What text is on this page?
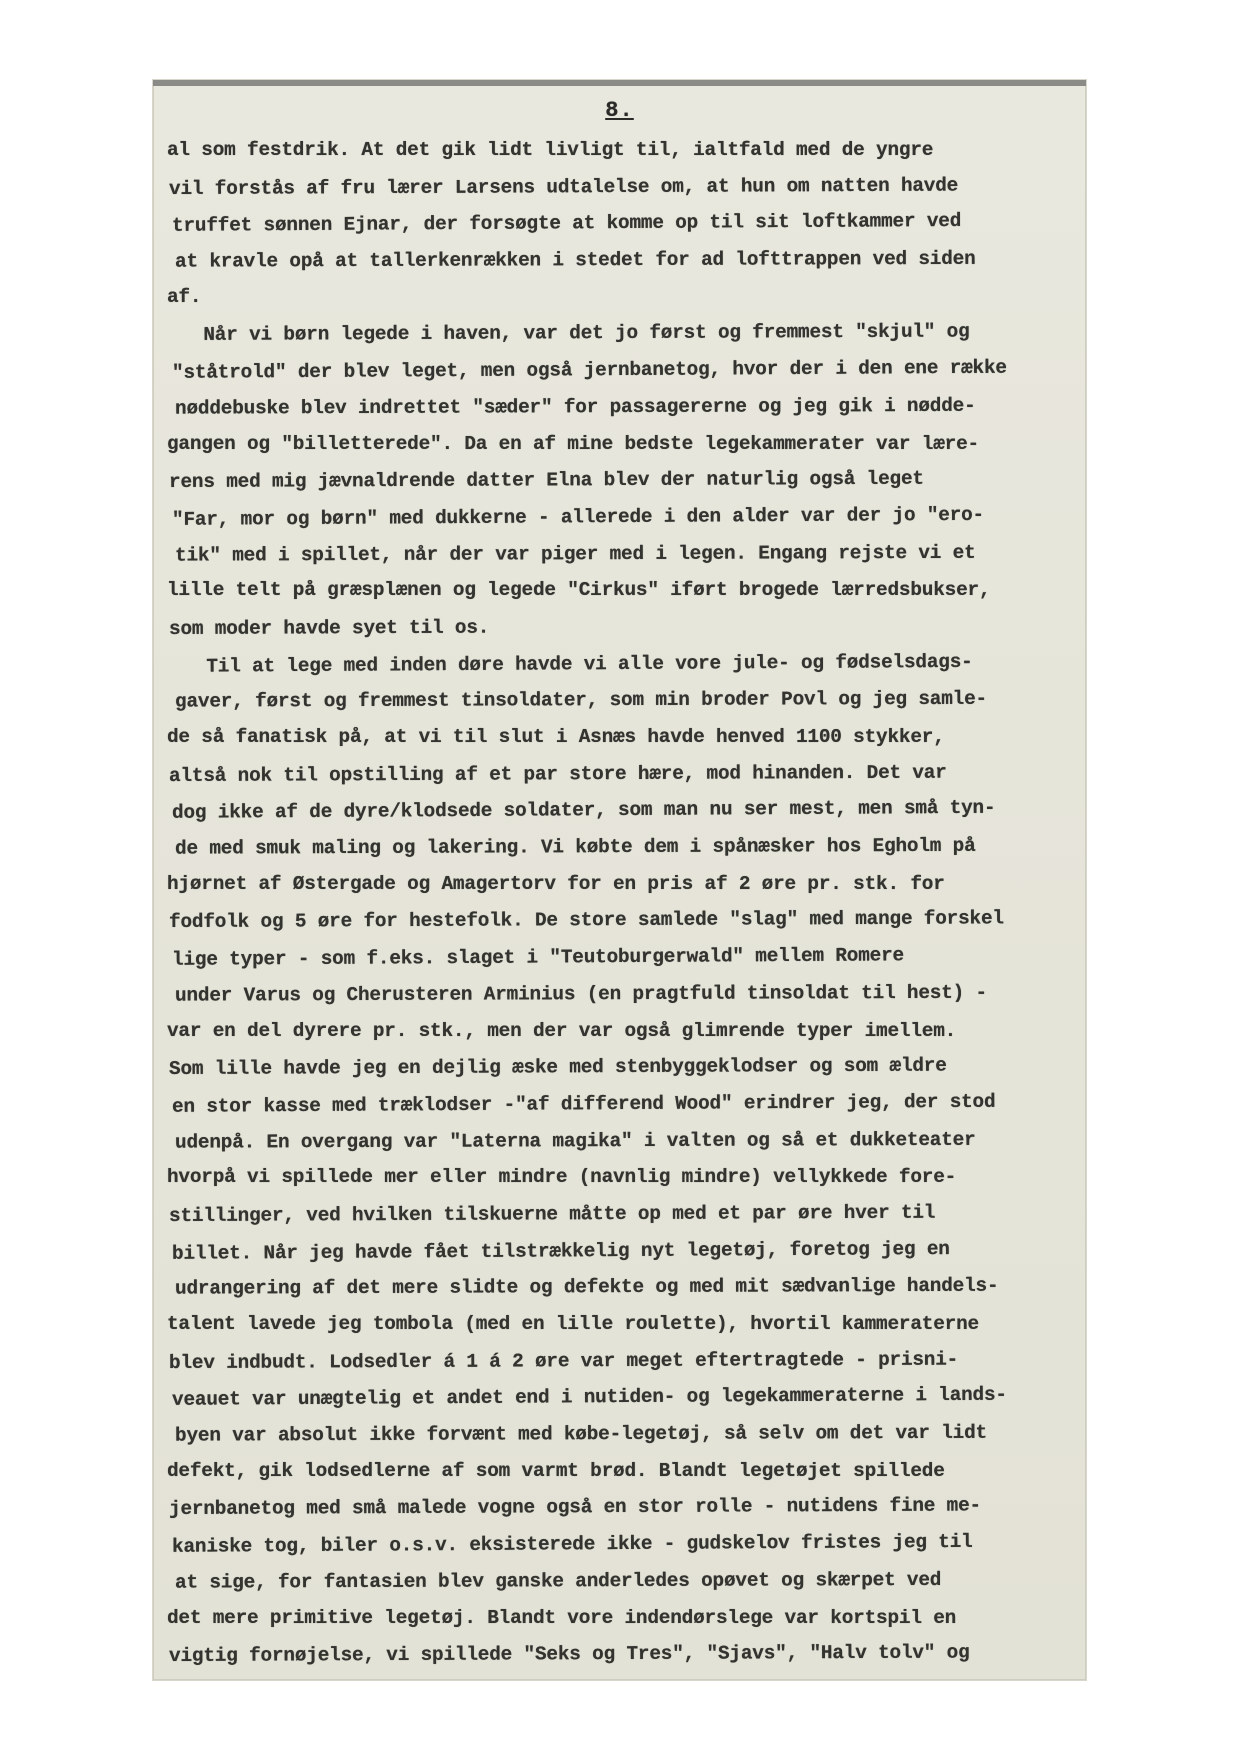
8.
al som festdrik. At det gik lidt livligt til, ialtfald med de yngre
vil forstås af fru lærer Larsens udtalelse om, at hun om natten havde
truffet sønnen Ejnar, der forsøgte at komme op til sit loftkammer ved
at kravle opå at tallerkenrækken i stedet for ad lofttrappen ved siden
af.
Når vi børn legede i haven, var det jo først og fremmest "skjul" og
"ståtrold" der blev leget, men også jernbanetog, hvor der i den ene række
nøddebuske blev indrettet "sæder" for passagererne og jeg gik i nødde-
gangen og "billetterede". Da en af mine bedste legekammerater var lære-
rens med mig jævnaldrende datter Elna blev der naturlig også leget
"Far, mor og børn" med dukkerne - allerede i den alder var der jo "ero-
tik" med i spillet, når der var piger med i legen. Engang rejste vi et
lille telt på græsplænen og legede "Cirkus" iført brogede lærredsbukser,
som moder havde syet til os.
Til at lege med inden døre havde vi alle vore jule- og fødselsdags-
gaver, først og fremmest tinsoldater, som min broder Povl og jeg samle-
de så fanatisk på, at vi til slut i Asnæs havde henved 1100 stykker,
altså nok til opstilling af et par store hære, mod hinanden. Det var
dog ikke af de dyre/klodsede soldater, som man nu ser mest, men små tyn-
de med smuk maling og lakering. Vi købte dem i spånæsker hos Egholm på
hjørnet af Østergade og Amagertorv for en pris af 2 øre pr. stk. for
fodfolk og 5 øre for hestefolk. De store samlede "slag" med mange forskel
lige typer - som f.eks. slaget i "Teutoburgerwald" mellem Romere
under Varus og Cherusteren Arminius (en pragtfuld tinsoldat til hest) -
var en del dyrere pr. stk., men der var også glimrende typer imellem.
Som lille havde jeg en dejlig æske med stenbyggeklodser og som ældre
en stor kasse med træklodser -"af differend Wood" erindrer jeg, der stod
udenpå. En overgang var "Laterna magika" i valten og så et dukketeater
hvorpå vi spillede mer eller mindre (navnlig mindre) vellykkede fore-
stillinger, ved hvilken tilskuerne måtte op med et par øre hver til
billet. Når jeg havde fået tilstrækkelig nyt legetøj, foretog jeg en
udrangering af det mere slidte og defekte og med mit sædvanlige handels-
talent lavede jeg tombola (med en lille roulette), hvortil kammeraterne
blev indbudt. Lodsedler á 1 á 2 øre var meget eftertragtede - prisni-
veauet var unægtelig et andet end i nutiden- og legekammeraterne i lands-
byen var absolut ikke forvænt med købe-legetøj, så selv om det var lidt
defekt, gik lodsedlerne af som varmt brød. Blandt legetøjet spillede
jernbanetog med små malede vogne også en stor rolle - nutidens fine me-
kaniske tog, biler o.s.v. eksisterede ikke - gudskelov fristes jeg til
at sige, for fantasien blev ganske anderledes opøvet og skærpet ved
det mere primitive legetøj. Blandt vore indendørslege var kortspil en
vigtig fornøjelse, vi spillede "Seks og Tres", "Sjavs", "Halv tolv" og
